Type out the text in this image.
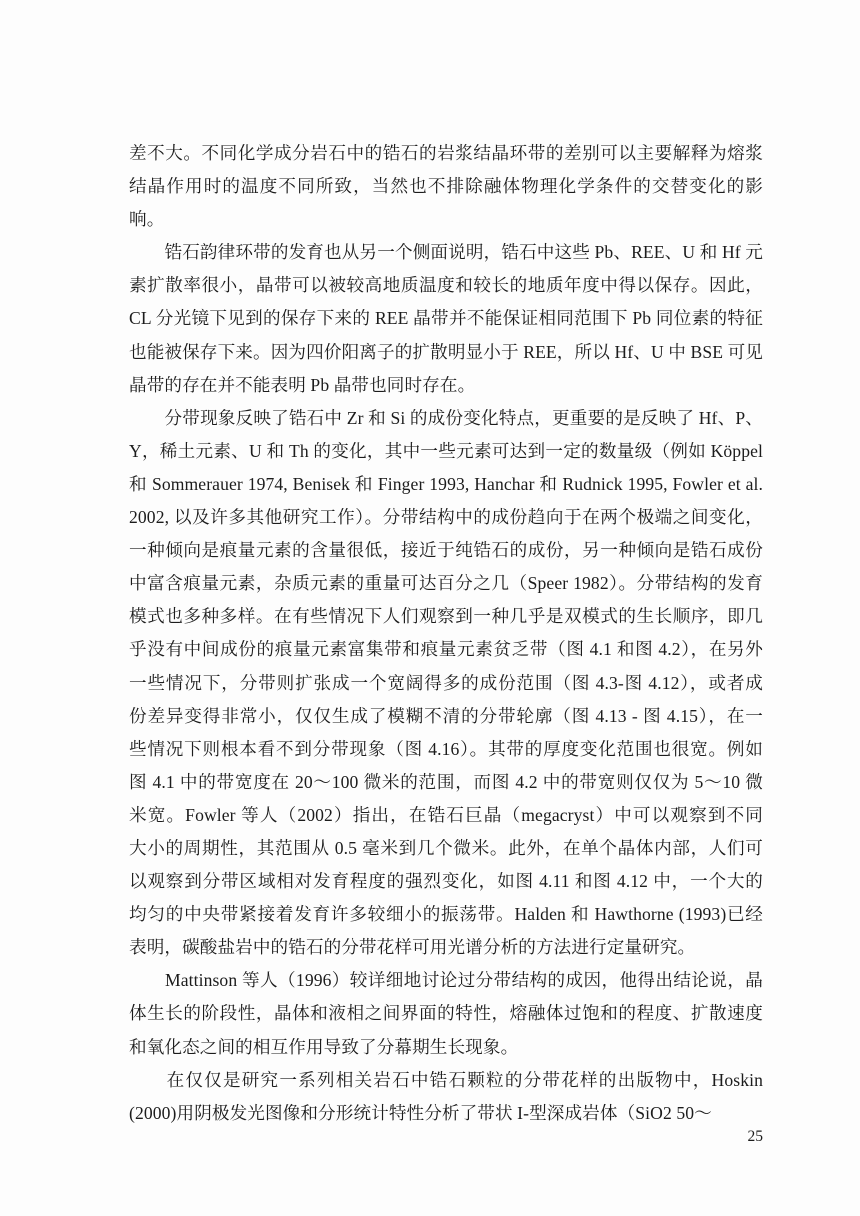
差不大。不同化学成分岩石中的锆石的岩浆结晶环带的差别可以主要解释为熔浆
结晶作用时的温度不同所致，当然也不排除融体物理化学条件的交替变化的影
响。
　　锆石韵律环带的发育也从另一个侧面说明，锆石中这些 Pb、REE、U 和 Hf 元
素扩散率很小，晶带可以被较高地质温度和较长的地质年度中得以保存。因此，
CL 分光镜下见到的保存下来的 REE 晶带并不能保证相同范围下 Pb 同位素的特征
也能被保存下来。因为四价阳离子的扩散明显小于 REE，所以 Hf、U 中 BSE 可见
晶带的存在并不能表明 Pb 晶带也同时存在。
　　分带现象反映了锆石中 Zr 和 Si 的成份变化特点，更重要的是反映了 Hf、P、
Y，稀土元素、U 和 Th 的变化，其中一些元素可达到一定的数量级（例如 Köppel
和 Sommerauer 1974, Benisek 和 Finger 1993, Hanchar 和 Rudnick 1995, Fowler et al.
2002, 以及许多其他研究工作）。分带结构中的成份趋向于在两个极端之间变化，
一种倾向是痕量元素的含量很低，接近于纯锆石的成份，另一种倾向是锆石成份
中富含痕量元素，杂质元素的重量可达百分之几（Speer 1982）。分带结构的发育
模式也多种多样。在有些情况下人们观察到一种几乎是双模式的生长顺序，即几
乎没有中间成份的痕量元素富集带和痕量元素贫乏带（图 4.1 和图 4.2），在另外
一些情况下，分带则扩张成一个宽阔得多的成份范围（图 4.3-图 4.12），或者成
份差异变得非常小，仅仅生成了模糊不清的分带轮廓（图 4.13 - 图 4.15），在一
些情况下则根本看不到分带现象（图 4.16）。其带的厚度变化范围也很宽。例如
图 4.1 中的带宽度在 20～100 微米的范围，而图 4.2 中的带宽则仅仅为 5～10 微
米宽。Fowler 等人（2002）指出，在锆石巨晶（megacryst）中可以观察到不同
大小的周期性，其范围从 0.5 毫米到几个微米。此外，在单个晶体内部，人们可
以观察到分带区域相对发育程度的强烈变化，如图 4.11 和图 4.12 中，一个大的
均匀的中央带紧接着发育许多较细小的振荡带。Halden 和 Hawthorne (1993)已经
表明，碳酸盐岩中的锆石的分带花样可用光谱分析的方法进行定量研究。
　　Mattinson 等人（1996）较详细地讨论过分带结构的成因，他得出结论说，晶
体生长的阶段性，晶体和液相之间界面的特性，熔融体过饱和的程度、扩散速度
和氧化态之间的相互作用导致了分幕期生长现象。
　　在仅仅是研究一系列相关岩石中锆石颗粒的分带花样的出版物中，Hoskin
(2000)用阴极发光图像和分形统计特性分析了带状 I-型深成岩体（SiO2 50～
25
